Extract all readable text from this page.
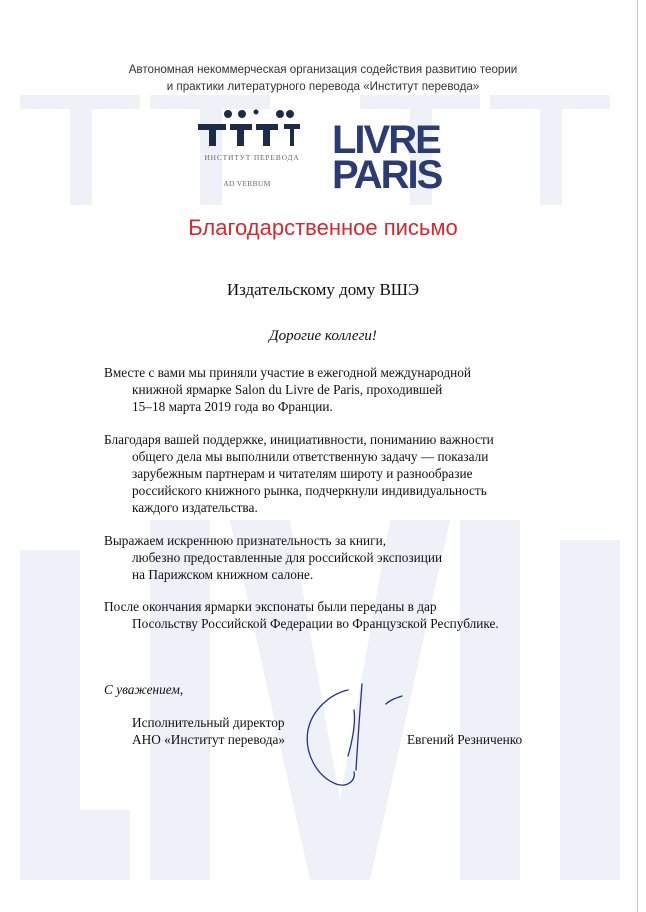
Автономная некоммерческая организация содействия развитию теории
и практики литературного перевода «Институт перевода»
ИНСТИТУТ ПЕРЕВОДА
AD VERBUM
LIVRE
PARIS
Благодарственное письмо
Издательскому дому ВШЭ
Дорогие коллеги!
Вместе с вами мы приняли участие в ежегодной международной
книжной ярмарке Salon du Livre de Paris, проходившей
15–18 марта 2019 года во Франции.
Благодаря вашей поддержке, инициативности, пониманию важности
общего дела мы выполнили ответственную задачу — показали
зарубежным партнерам и читателям широту и разнообразие
российского книжного рынка, подчеркнули индивидуальность
каждого издательства.
Выражаем искреннюю признательность за книги,
любезно предоставленные для российской экспозиции
на Парижском книжном салоне.
После окончания ярмарки экспонаты были переданы в дар
Посольству Российской Федерации во Французской Республике.
С уважением,
Исполнительный директор
АНО «Институт перевода»	Евгений Резниченко
